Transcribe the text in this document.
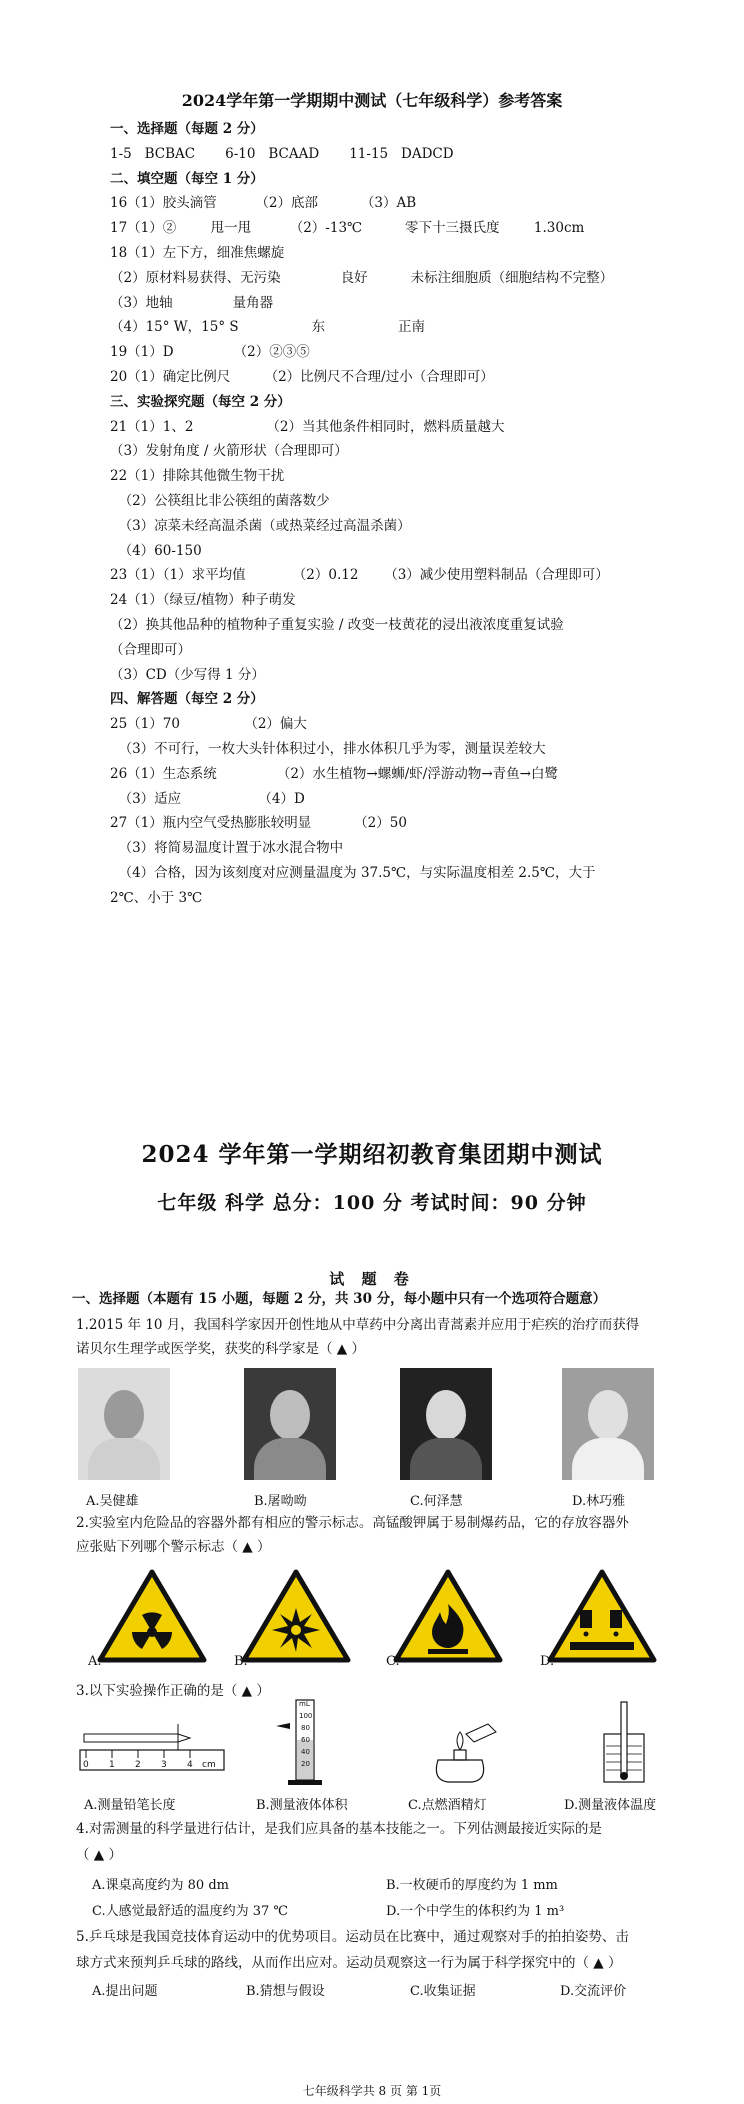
2024学年第一学期期中测试（七年级科学）参考答案
一、选择题（每题 2 分）
1-5   BCBAC       6-10   BCAAD       11-15   DADCD
二、填空题（每空 1 分）
16（1）胶头滴管         （2）底部          （3）AB
17（1）②        甩一甩         （2）-13℃          零下十三摄氏度        1.30cm
18（1）左下方，细准焦螺旋
（2）原材料易获得、无污染              良好          未标注细胞质（细胞结构不完整）
（3）地轴              量角器
（4）15° W，15° S                 东                 正南
19（1）D              （2）②③⑤
20（1）确定比例尺        （2）比例尺不合理/过小（合理即可）
三、实验探究题（每空 2 分）
21（1）1、2                 （2）当其他条件相同时，燃料质量越大
（3）发射角度 / 火箭形状（合理即可）
22（1）排除其他微生物干扰
（2）公筷组比非公筷组的菌落数少
（3）凉菜未经高温杀菌（或热菜经过高温杀菌）
（4）60-150
23（1）（1）求平均值           （2）0.12      （3）减少使用塑料制品（合理即可）
24（1）（绿豆/植物）种子萌发
（2）换其他品种的植物种子重复实验 / 改变一枝黄花的浸出液浓度重复试验
（合理即可）
（3）CD（少写得 1 分）
四、解答题（每空 2 分）
25（1）70               （2）偏大
（3）不可行，一枚大头针体积过小，排水体积几乎为零，测量误差较大
26（1）生态系统              （2）水生植物→螺蛳/虾/浮游动物→青鱼→白鹭
（3）适应                  （4）D
27（1）瓶内空气受热膨胀较明显          （2）50
（3）将简易温度计置于冰水混合物中
（4）合格，因为该刻度对应测量温度为 37.5℃，与实际温度相差 2.5℃，大于
2℃、小于 3℃
2024 学年第一学期绍初教育集团期中测试
七年级 科学 总分：100 分 考试时间：90 分钟
试 题 卷
一、选择题（本题有 15 小题，每题 2 分，共 30 分，每小题中只有一个选项符合题意）
1.2015 年 10 月，我国科学家因开创性地从中草药中分离出青蒿素并应用于疟疾的治疗而获得
诺贝尔生理学或医学奖，获奖的科学家是（ ▲ ）
A.吴健雄	B.屠呦呦	C.何泽慧	D.林巧雅
2.实验室内危险品的容器外都有相应的警示标志。高锰酸钾属于易制爆药品，它的存放容器外
应张贴下列哪个警示标志（ ▲ ）
A.	B.	C.	D.
3.以下实验操作正确的是（ ▲ ）
0 1 2 3 4 cm
mL
100
80
60
40
20
A.测量铅笔长度	B.测量液体体积	C.点燃酒精灯	D.测量液体温度
4.对需测量的科学量进行估计，是我们应具备的基本技能之一。下列估测最接近实际的是
（ ▲ ）
A.课桌高度约为 80 dm	B.一枚硬币的厚度约为 1 mm
C.人感觉最舒适的温度约为 37 ℃	D.一个中学生的体积约为 1 m³
5.乒乓球是我国竞技体育运动中的优势项目。运动员在比赛中，通过观察对手的拍拍姿势、击
球方式来预判乒乓球的路线，从而作出应对。运动员观察这一行为属于科学探究中的（ ▲ ）
A.提出问题	B.猜想与假设	C.收集证据	D.交流评价
七年级科学共 8 页 第 1页
